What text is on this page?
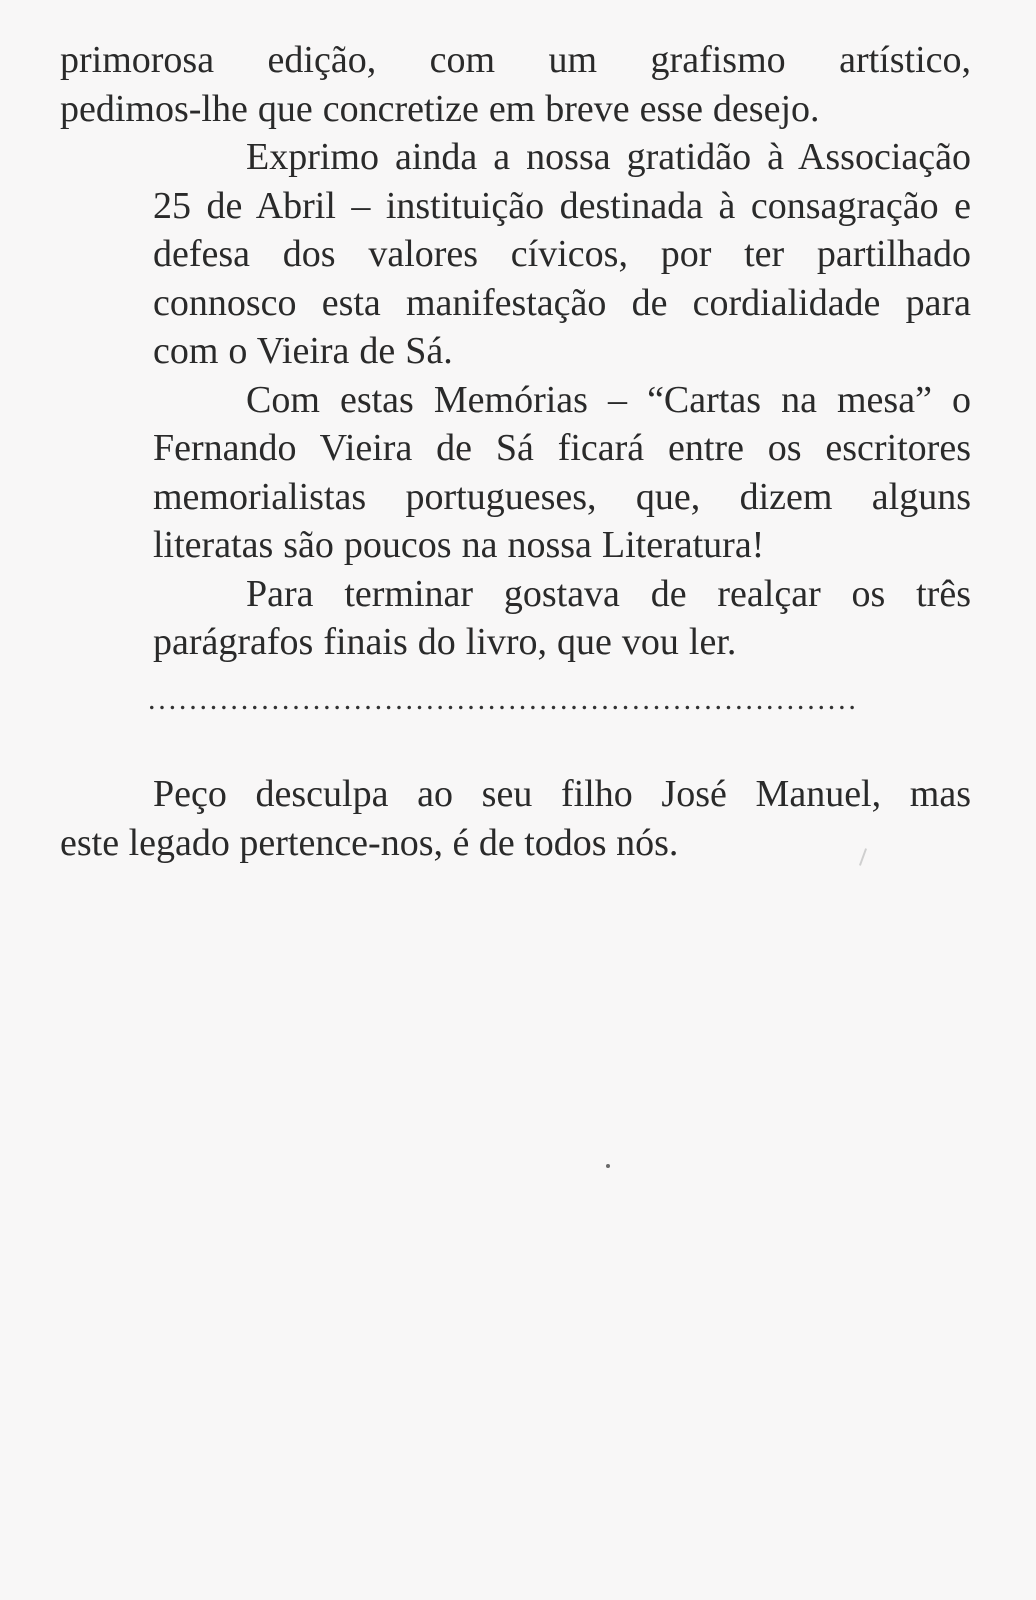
primorosa edição, com um grafismo artístico,
pedimos-lhe que concretize em breve esse desejo.

Exprimo ainda a nossa gratidão à Associação
25 de Abril – instituição destinada à consagração e
defesa dos valores cívicos, por ter partilhado
connosco esta manifestação de cordialidade para
com o Vieira de Sá.

Com estas Memórias – “Cartas na mesa” o
Fernando Vieira de Sá ficará entre os escritores
memorialistas portugueses, que, dizem alguns
literatas são poucos na nossa Literatura!

Para terminar gostava de realçar os três
parágrafos finais do livro, que vou ler.

.....................................................................
Peço desculpa ao seu filho José Manuel, mas
este legado pertence-nos, é de todos nós.
